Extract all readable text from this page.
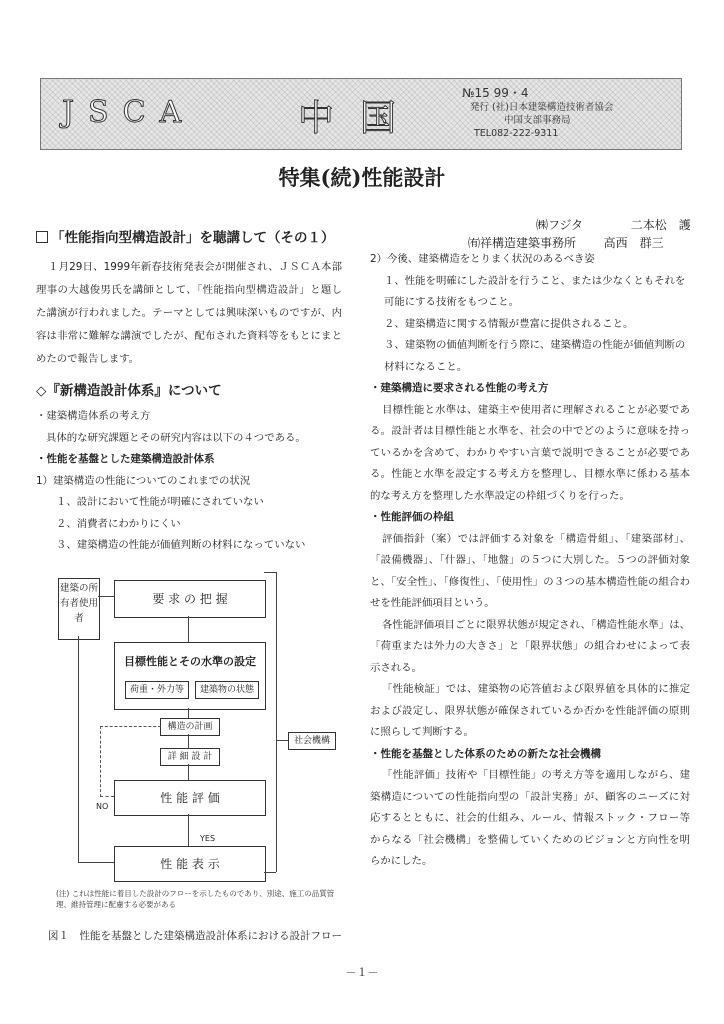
JSCA	中国
№15 99・4
発行 (社)日本建築構造技術者協会
中国支部事務局
TEL082-222-9311
特集(続)性能設計
㈱フジタ	二本松　護
㈲祥構造建築事務所 高西　群三
「性能指向型構造設計」を聴講して（その１）

１月29日、1999年新春技術発表会が開催され、ＪＳＣＡ本部理事の大越俊男氏を講師として、「性能指向型構造設計」と題した講演が行われました。テーマとしては興味深いものですが、内容は非常に難解な講演でしたが、配布された資料等をもとにまとめたので報告します。

◇『新構造設計体系』について

・建築構造体系の考え方

具体的な研究課題とその研究内容は以下の４つである。

・性能を基盤とした建築構造設計体系

1）建築構造の性能についてのこれまでの状況

１、設計において性能が明確にされていない

２、消費者にわかりにくい

３、建築構造の性能が価値判断の材料になっていない

建築の所有者使用者
要 求 の 把 握
目標性能とその水準の設定
荷重・外力等	建築物の状態
構造の計画
詳 細 設 計
性 能 評 価
性 能 表 示
社会機構
NO
YES
(注) これは性能に着目した設計のフローを示したものであり、別途、施工の品質管理、維持管理に配慮する必要がある
図１　性能を基盤とした建築構造設計体系における設計フロー

2）今後、建築構造をとりまく状況のあるべき姿

１、性能を明確にした設計を行うこと、または少なくともそれを可能にする技術をもつこと。

２、建築構造に関する情報が豊富に提供されること。

３、建築物の価値判断を行う際に、建築構造の性能が価値判断の材料になること。

・建築構造に要求される性能の考え方

目標性能と水準は、建築主や使用者に理解されることが必要である。設計者は目標性能と水準を、社会の中でどのように意味を持っているかを含めて、わかりやすい言葉で説明できることが必要である。性能と水準を設定する考え方を整理し、目標水準に係わる基本的な考え方を整理した水準設定の枠組づくりを行った。

・性能評価の枠組

評価指針（案）では評価する対象を「構造骨組」、「建築部材」、「設備機器」、「什器」、「地盤」の５つに大別した。５つの評価対象と、「安全性」、「修復性」、「使用性」の３つの基本構造性能の組合わせを性能評価項目という。

各性能評価項目ごとに限界状態が規定され、「構造性能水準」は、「荷重または外力の大きさ」と「限界状態」の組合わせによって表示される。

「性能検証」では、建築物の応答値および限界値を具体的に推定および設定し、限界状態が確保されているか否かを性能評価の原則に照らして判断する。

・性能を基盤とした体系のための新たな社会機構

「性能評価」技術や「目標性能」の考え方等を適用しながら、建築構造についての性能指向型の「設計実務」が、顧客のニーズに対応するとともに、社会的仕組み、ルール、情報ストック・フロー等からなる「社会機構」を整備していくためのビジョンと方向性を明らかにした。

－１－
